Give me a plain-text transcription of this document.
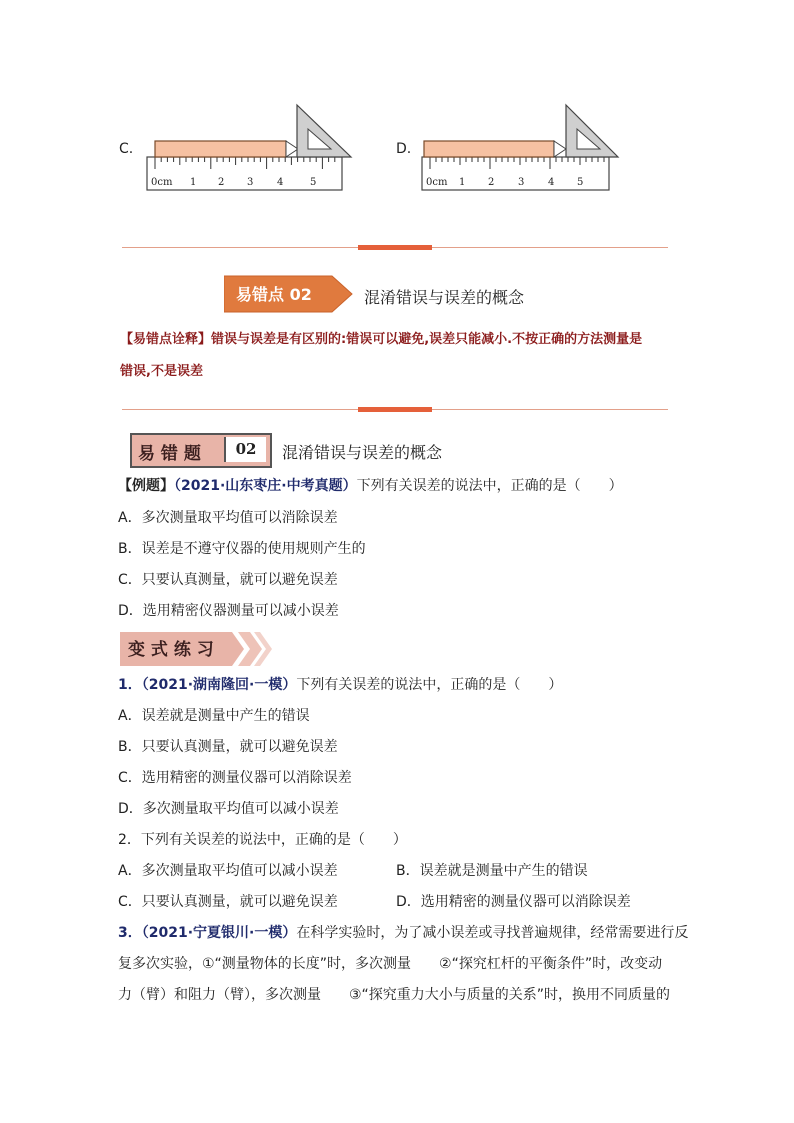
C.
0cm 1 2 3 4	5
D.
0cm 1 2 3 4 5
易错点 02	混淆错误与误差的概念
【易错点诠释】错误与误差是有区别的:错误可以避免,误差只能减小.不按正确的方法测量是
错误,不是误差
易 错 题	02	混淆错误与误差的概念
【例题】（2021·山东枣庄·中考真题）下列有关误差的说法中，正确的是（　　）
A．多次测量取平均值可以消除误差
B．误差是不遵守仪器的使用规则产生的
C．只要认真测量，就可以避免误差
D．选用精密仪器测量可以减小误差
变 式 练 习
1．（2021·湖南隆回·一模）下列有关误差的说法中，正确的是（　　）
A．误差就是测量中产生的错误
B．只要认真测量，就可以避免误差
C．选用精密的测量仪器可以消除误差
D．多次测量取平均值可以减小误差
2．下列有关误差的说法中，正确的是（　　）
A．多次测量取平均值可以减小误差	B．误差就是测量中产生的错误
C．只要认真测量，就可以避免误差	D．选用精密的测量仪器可以消除误差
3．（2021·宁夏银川·一模）在科学实验时，为了减小误差或寻找普遍规律，经常需要进行反
复多次实验，①“测量物体的长度”时，多次测量　　②“探究杠杆的平衡条件”时，改变动
力（臂）和阻力（臂），多次测量　　③“探究重力大小与质量的关系”时，换用不同质量的
